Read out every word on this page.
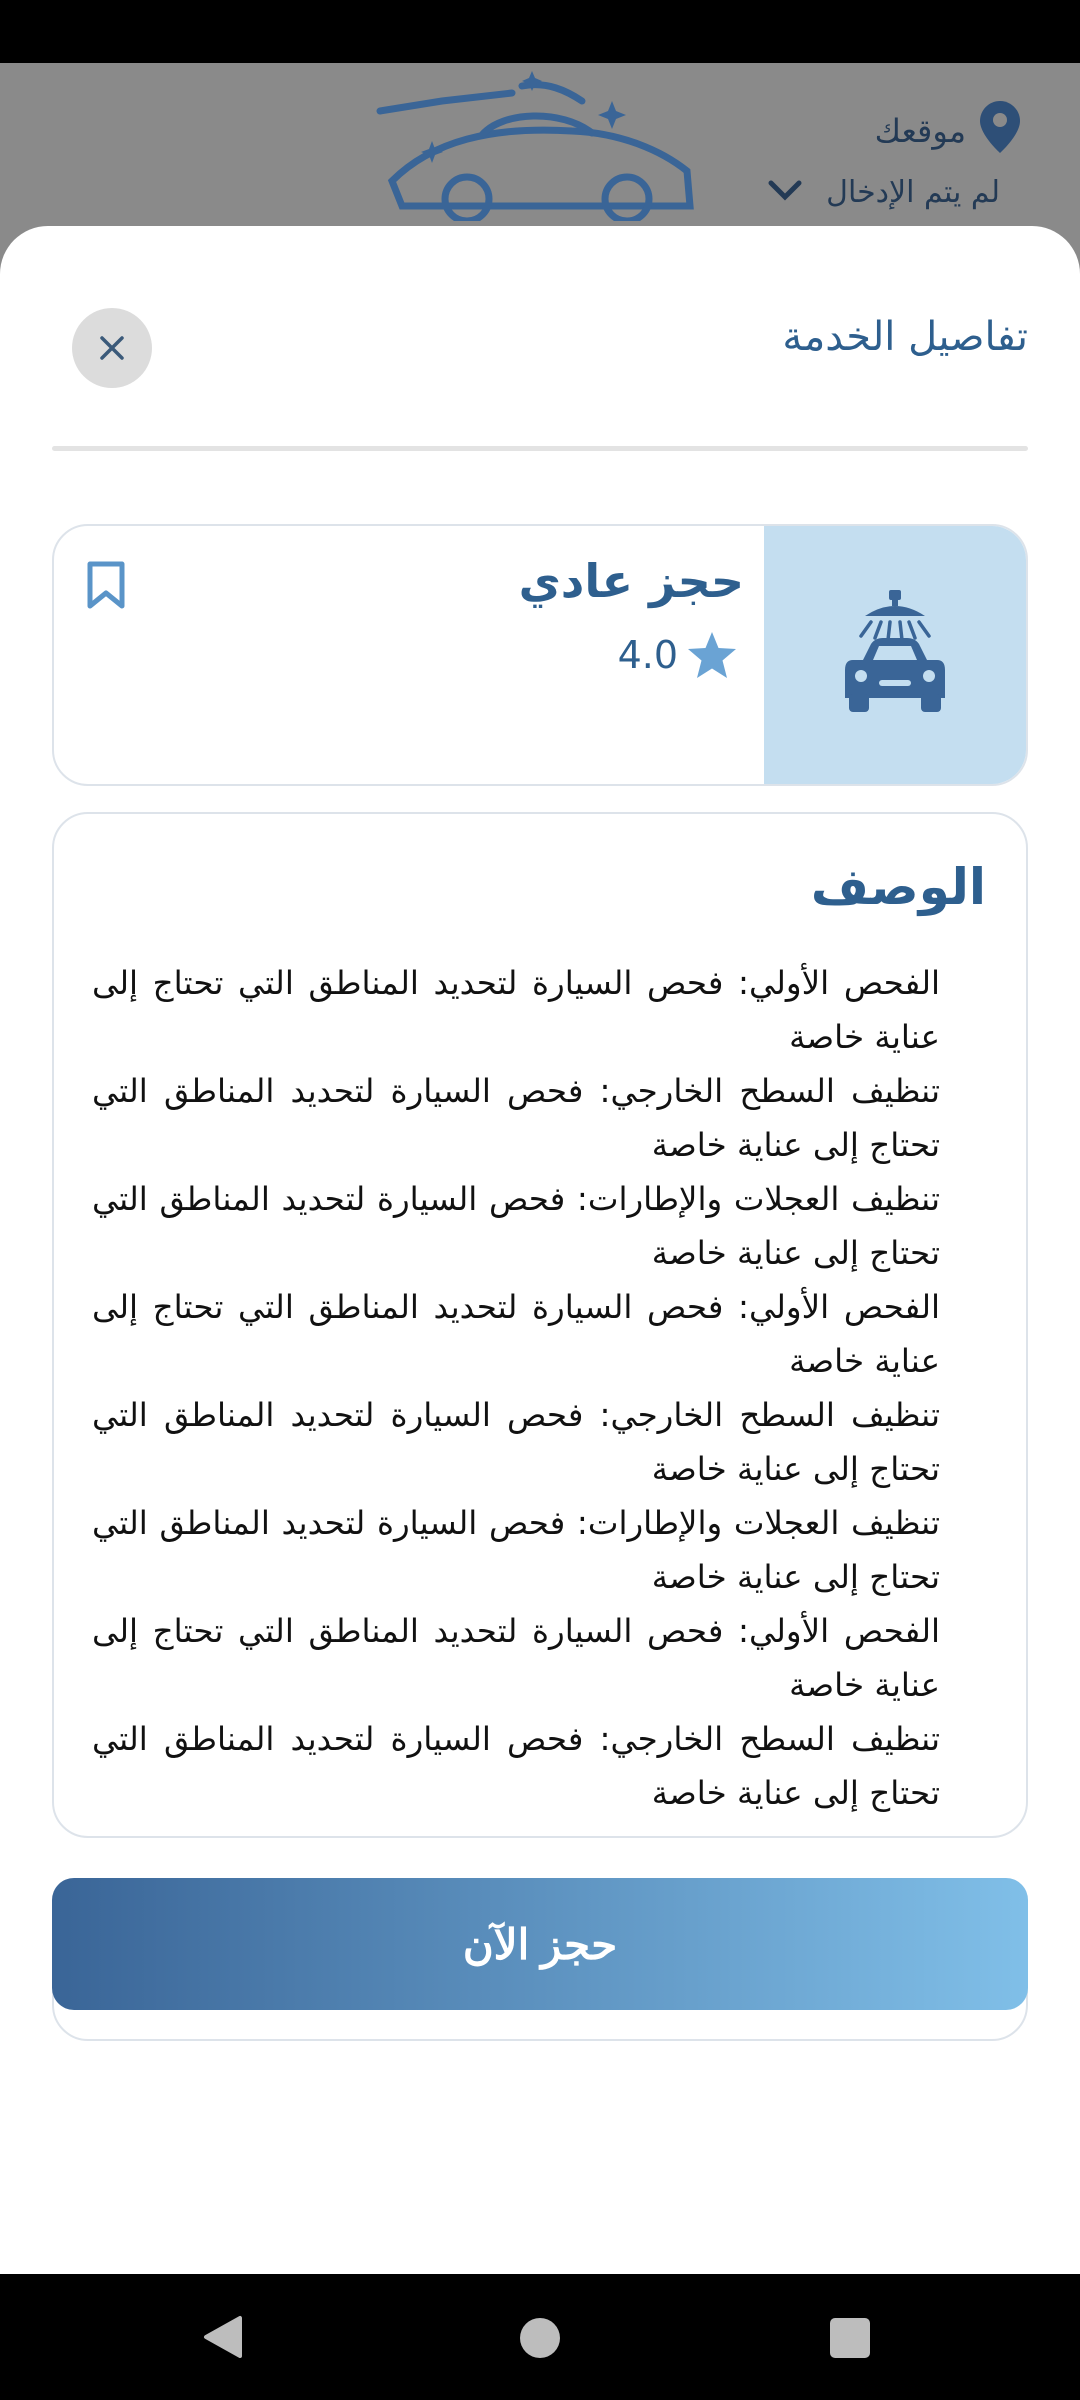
موقعك
لم يتم الإدخال
تفاصيل الخدمة
حجز عادي
4.0
الوصف

الفحص الأولي: فحص السيارة لتحديد المناطق التي تحتاج إلى عناية خاصة

تنظيف السطح الخارجي: فحص السيارة لتحديد المناطق التي تحتاج إلى عناية خاصة

تنظيف العجلات والإطارات: فحص السيارة لتحديد المناطق التي تحتاج إلى عناية خاصة

الفحص الأولي: فحص السيارة لتحديد المناطق التي تحتاج إلى عناية خاصة

تنظيف السطح الخارجي: فحص السيارة لتحديد المناطق التي تحتاج إلى عناية خاصة

تنظيف العجلات والإطارات: فحص السيارة لتحديد المناطق التي تحتاج إلى عناية خاصة

الفحص الأولي: فحص السيارة لتحديد المناطق التي تحتاج إلى عناية خاصة

تنظيف السطح الخارجي: فحص السيارة لتحديد المناطق التي تحتاج إلى عناية خاصة

حجز الآن
